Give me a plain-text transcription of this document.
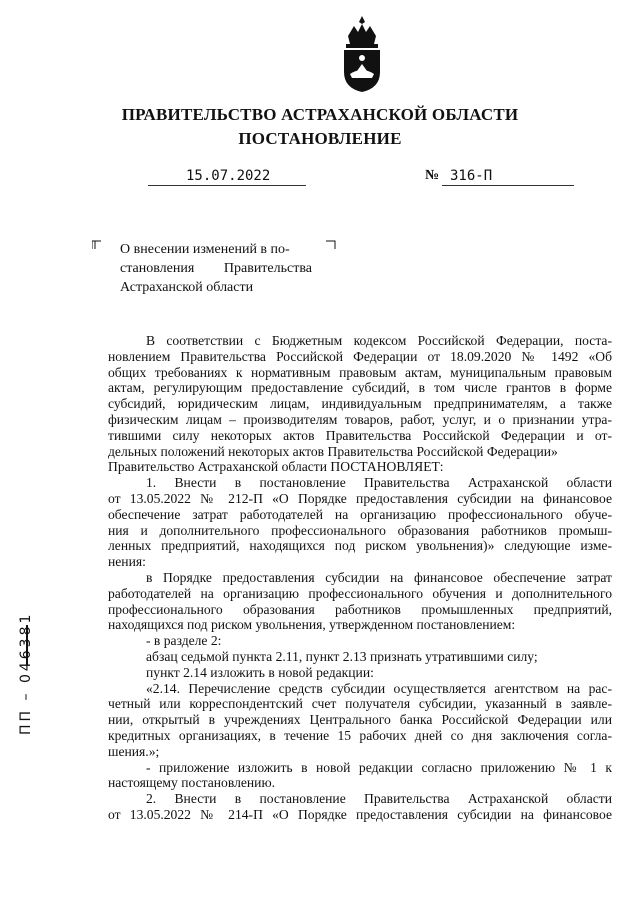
ПРАВИТЕЛЬСТВО АСТРАХАНСКОЙ ОБЛАСТИ
ПОСТАНОВЛЕНИЕ
15.07.2022	№ 316-П
О внесении изменений в по-
становления Правительства
Астраханской области
В соответствии с Бюджетным кодексом Российской Федерации, поста-
новлением Правительства Российской Федерации от 18.09.2020 № 1492 «Об
общих требованиях к нормативным правовым актам, муниципальным правовым
актам, регулирующим предоставление субсидий, в том числе грантов в форме
субсидий, юридическим лицам, индивидуальным предпринимателям, а также
физическим лицам – производителям товаров, работ, услуг, и о признании утра-
тившими силу некоторых актов Правительства Российской Федерации и от-
дельных положений некоторых актов Правительства Российской Федерации»
Правительство Астраханской области ПОСТАНОВЛЯЕТ:
1. Внести в постановление Правительства Астраханской области
от 13.05.2022 № 212-П «О Порядке предоставления субсидии на финансовое
обеспечение затрат работодателей на организацию профессионального обуче-
ния и дополнительного профессионального образования работников промыш-
ленных предприятий, находящихся под риском увольнения)» следующие изме-
нения:
в Порядке предоставления субсидии на финансовое обеспечение затрат
работодателей на организацию профессионального обучения и дополнительного
профессионального образования работников промышленных предприятий,
находящихся под риском увольнения, утвержденном постановлением:
- в разделе 2:
абзац седьмой пункта 2.11, пункт 2.13 признать утратившими силу;
пункт 2.14 изложить в новой редакции:
«2.14. Перечисление средств субсидии осуществляется агентством на рас-
четный или корреспондентский счет получателя субсидии, указанный в заявле-
нии, открытый в учреждениях Центрального банка Российской Федерации или
кредитных организациях, в течение 15 рабочих дней со дня заключения согла-
шения.»;
- приложение изложить в новой редакции согласно приложению № 1 к
настоящему постановлению.
2. Внести в постановление Правительства Астраханской области
от 13.05.2022 № 214-П «О Порядке предоставления субсидии на финансовое
ПП – 046381
